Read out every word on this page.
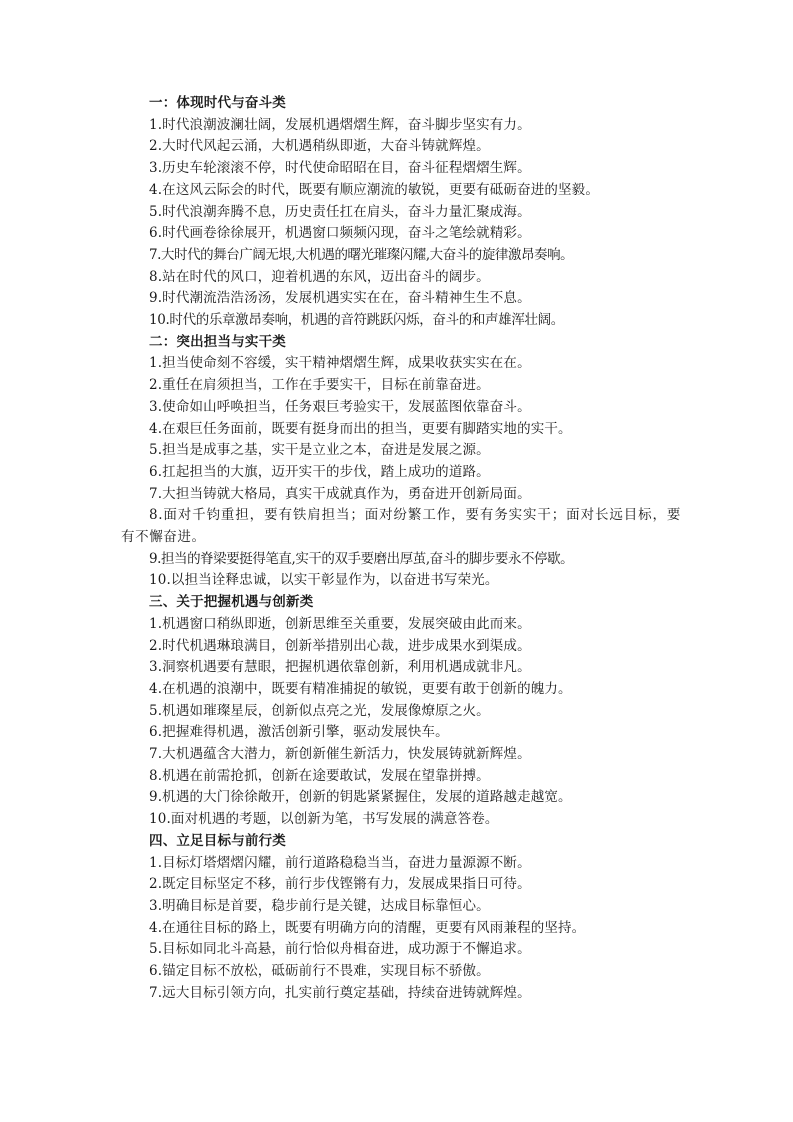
一：体现时代与奋斗类

1.时代浪潮波澜壮阔，发展机遇熠熠生辉，奋斗脚步坚实有力。

2.大时代风起云涌，大机遇稍纵即逝，大奋斗铸就辉煌。

3.历史车轮滚滚不停，时代使命昭昭在目，奋斗征程熠熠生辉。

4.在这风云际会的时代，既要有顺应潮流的敏锐，更要有砥砺奋进的坚毅。

5.时代浪潮奔腾不息，历史责任扛在肩头，奋斗力量汇聚成海。

6.时代画卷徐徐展开，机遇窗口频频闪现，奋斗之笔绘就精彩。

7.大时代的舞台广阔无垠,大机遇的曙光璀璨闪耀,大奋斗的旋律激昂奏响。

8.站在时代的风口，迎着机遇的东风，迈出奋斗的阔步。

9.时代潮流浩浩汤汤，发展机遇实实在在，奋斗精神生生不息。

10.时代的乐章激昂奏响，机遇的音符跳跃闪烁，奋斗的和声雄浑壮阔。

二：突出担当与实干类

1.担当使命刻不容缓，实干精神熠熠生辉，成果收获实实在在。

2.重任在肩须担当，工作在手要实干，目标在前靠奋进。

3.使命如山呼唤担当，任务艰巨考验实干，发展蓝图依靠奋斗。

4.在艰巨任务面前，既要有挺身而出的担当，更要有脚踏实地的实干。

5.担当是成事之基，实干是立业之本，奋进是发展之源。

6.扛起担当的大旗，迈开实干的步伐，踏上成功的道路。

7.大担当铸就大格局，真实干成就真作为，勇奋进开创新局面。

8.面对千钧重担，要有铁肩担当；面对纷繁工作，要有务实实干；面对长远目标，要有不懈奋进。

9.担当的脊梁要挺得笔直,实干的双手要磨出厚茧,奋斗的脚步要永不停歇。

10.以担当诠释忠诚，以实干彰显作为，以奋进书写荣光。

三、关于把握机遇与创新类

1.机遇窗口稍纵即逝，创新思维至关重要，发展突破由此而来。

2.时代机遇琳琅满目，创新举措别出心裁，进步成果水到渠成。

3.洞察机遇要有慧眼，把握机遇依靠创新，利用机遇成就非凡。

4.在机遇的浪潮中，既要有精准捕捉的敏锐，更要有敢于创新的魄力。

5.机遇如璀璨星辰，创新似点亮之光，发展像燎原之火。

6.把握难得机遇，激活创新引擎，驱动发展快车。

7.大机遇蕴含大潜力，新创新催生新活力，快发展铸就新辉煌。

8.机遇在前需抢抓，创新在途要敢试，发展在望靠拼搏。

9.机遇的大门徐徐敞开，创新的钥匙紧紧握住，发展的道路越走越宽。

10.面对机遇的考题，以创新为笔，书写发展的满意答卷。

四、立足目标与前行类

1.目标灯塔熠熠闪耀，前行道路稳稳当当，奋进力量源源不断。

2.既定目标坚定不移，前行步伐铿锵有力，发展成果指日可待。

3.明确目标是首要，稳步前行是关键，达成目标靠恒心。

4.在通往目标的路上，既要有明确方向的清醒，更要有风雨兼程的坚持。

5.目标如同北斗高悬，前行恰似舟楫奋进，成功源于不懈追求。

6.锚定目标不放松，砥砺前行不畏难，实现目标不骄傲。

7.远大目标引领方向，扎实前行奠定基础，持续奋进铸就辉煌。
